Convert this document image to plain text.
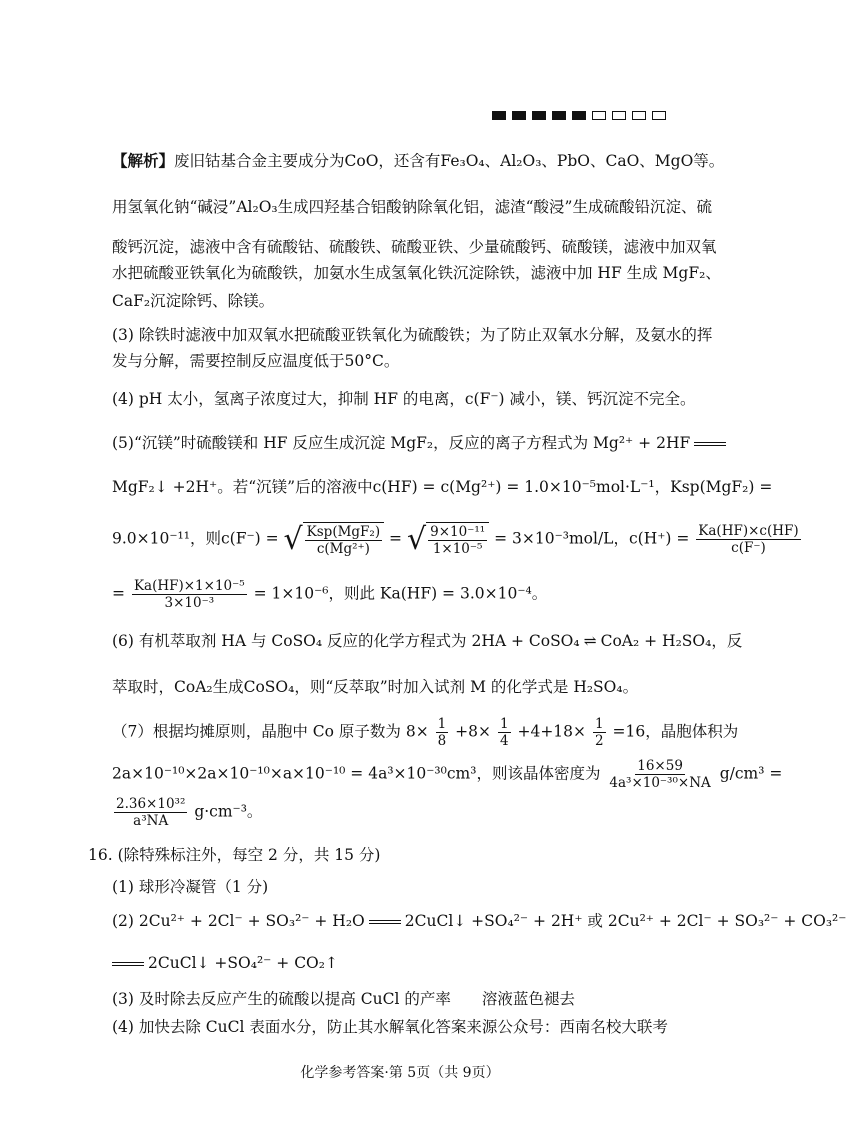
【解析】废旧钴基合金主要成分为CoO，还含有Fe₃O₄、Al₂O₃、PbO、CaO、MgO等。
用氢氧化钠“碱浸”Al₂O₃生成四羟基合铝酸钠除氧化铝，滤渣“酸浸”生成硫酸铅沉淀、硫
酸钙沉淀，滤液中含有硫酸钴、硫酸铁、硫酸亚铁、少量硫酸钙、硫酸镁，滤液中加双氧
水把硫酸亚铁氧化为硫酸铁，加氨水生成氢氧化铁沉淀除铁，滤液中加 HF 生成 MgF₂、
CaF₂沉淀除钙、除镁。
(3) 除铁时滤液中加双氧水把硫酸亚铁氧化为硫酸铁；为了防止双氧水分解，及氨水的挥
发与分解，需要控制反应温度低于50°C。
(4) pH 太小，氢离子浓度过大，抑制 HF 的电离，c(F⁻) 减小，镁、钙沉淀不完全。
(5)“沉镁”时硫酸镁和 HF 反应生成沉淀 MgF₂，反应的离子方程式为 Mg²⁺ + 2HF
MgF₂↓ +2H⁺。若“沉镁”后的溶液中c(HF) = c(Mg²⁺) = 1.0×10⁻⁵mol·L⁻¹，Ksp(MgF₂) =
9.0×10⁻¹¹，则c(F⁻) = √ $\frac{\text{Ksp(MgF₂)}}{\text{c(Mg²⁺)}}$ = √ $\frac{\text{9×10⁻¹¹}}{\text{1×10⁻⁵}} = 3\times 10^{-3}mol/L$，$c(H^+) = \frac{Ka(HF)\times c(HF)}{c(F^-)}$
= $\frac{\text{Ka(HF)×1×10⁻⁵}}{\text{3×10⁻³}} = 1\times 10^{-6}$，则此 Ka(HF) = 3.0×10⁻⁴。
(6) 有机萃取剂 HA 与 CoSO₄ 反应的化学方程式为 2HA + CoSO₄ ⇌ CoA₂ + H₂SO₄，反
萃取时，CoA₂生成CoSO₄，则“反萃取”时加入试剂 M 的化学式是 H₂SO₄。
（7）根据均摊原则，晶胞中 Co 原子数为 $8\times \frac{1}{8} +8\times \frac{1}{4} +4+18\times \frac{1}{2} =16$，晶胞体积为
2a×10⁻¹⁰×2a×10⁻¹⁰×a×10⁻¹⁰ = 4a³×10⁻³⁰cm³，则该晶体密度为 $\frac{16\times 59}{\text{4a³×10⁻³⁰×NA}} g/cm^3$ =
$\frac{\text{2.36×10³²}}{\text{a³NA}} g\cdot cm^{-3}$。
16. (除特殊标注外，每空 2 分，共 15 分)
(1) 球形冷凝管（1 分)
(2) 2Cu²⁺ + 2Cl⁻ + SO₃²⁻ + H₂O	2CuCl↓ +SO₄²⁻ + 2H⁺ 或 2Cu²⁺ + 2Cl⁻ + SO₃²⁻ + CO₃²⁻
2CuCl↓ +SO₄²⁻ + CO₂↑
(3) 及时除去反应产生的硫酸以提高 CuCl 的产率　　溶液蓝色褪去
(4) 加快去除 CuCl 表面水分，防止其水解氧化答案来源公众号：西南名校大联考
化学参考答案·第 5页（共 9页）
